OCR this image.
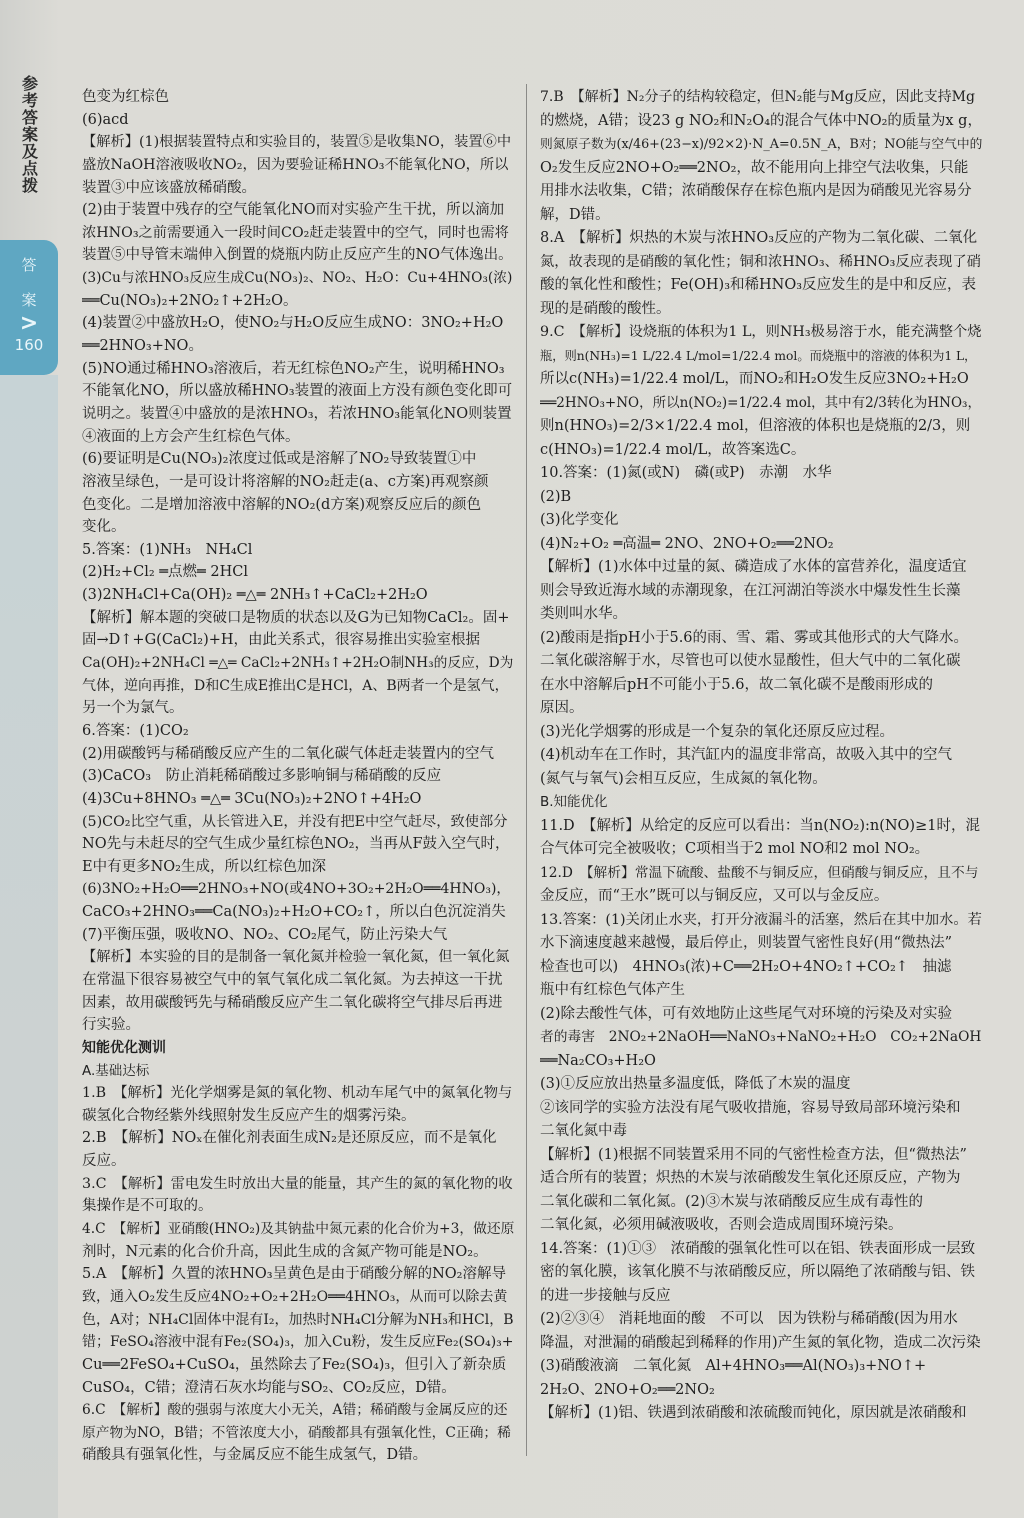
参考答案及点拨
答
案
>
160
色变为红棕色
(6)acd
【解析】(1)根据装置特点和实验目的，装置⑤是收集NO，装置⑥中
盛放NaOH溶液吸收NO₂，因为要验证稀HNO₃不能氧化NO，所以
装置③中应该盛放稀硝酸。
(2)由于装置中残存的空气能氧化NO而对实验产生干扰，所以滴加
浓HNO₃之前需要通入一段时间CO₂赶走装置中的空气，同时也需将
装置⑤中导管末端伸入倒置的烧瓶内防止反应产生的NO气体逸出。
(3)Cu与浓HNO₃反应生成Cu(NO₃)₂、NO₂、H₂O：Cu+4HNO₃(浓)
══Cu(NO₃)₂+2NO₂↑+2H₂O。
(4)装置②中盛放H₂O，使NO₂与H₂O反应生成NO：3NO₂+H₂O
══2HNO₃+NO。
(5)NO通过稀HNO₃溶液后，若无红棕色NO₂产生，说明稀HNO₃
不能氧化NO，所以盛放稀HNO₃装置的液面上方没有颜色变化即可
说明之。装置④中盛放的是浓HNO₃，若浓HNO₃能氧化NO则装置
④液面的上方会产生红棕色气体。
(6)要证明是Cu(NO₃)₂浓度过低或是溶解了NO₂导致装置①中
溶液呈绿色，一是可设计将溶解的NO₂赶走(a、c方案)再观察颜
色变化。二是增加溶液中溶解的NO₂(d方案)观察反应后的颜色
变化。
5.答案：(1)NH₃　NH₄Cl
(2)H₂+Cl₂ ═点燃═ 2HCl
(3)2NH₄Cl+Ca(OH)₂ ═△═ 2NH₃↑+CaCl₂+2H₂O
【解析】解本题的突破口是物质的状态以及G为已知物CaCl₂。固+
固→D↑+G(CaCl₂)+H，由此关系式，很容易推出实验室根据
Ca(OH)₂+2NH₄Cl ═△═ CaCl₂+2NH₃↑+2H₂O制NH₃的反应，D为
气体，逆向再推，D和C生成E推出C是HCl，A、B两者一个是氢气，
另一个为氯气。
6.答案：(1)CO₂
(2)用碳酸钙与稀硝酸反应产生的二氧化碳气体赶走装置内的空气
(3)CaCO₃　防止消耗稀硝酸过多影响铜与稀硝酸的反应
(4)3Cu+8HNO₃ ═△═ 3Cu(NO₃)₂+2NO↑+4H₂O
(5)CO₂比空气重，从长管进入E，并没有把E中空气赶尽，致使部分
NO先与未赶尽的空气生成少量红棕色NO₂，当再从F鼓入空气时，
E中有更多NO₂生成，所以红棕色加深
(6)3NO₂+H₂O══2HNO₃+NO(或4NO+3O₂+2H₂O══4HNO₃)，
CaCO₃+2HNO₃══Ca(NO₃)₂+H₂O+CO₂↑，所以白色沉淀消失
(7)平衡压强，吸收NO、NO₂、CO₂尾气，防止污染大气
【解析】本实验的目的是制备一氧化氮并检验一氧化氮，但一氧化氮
在常温下很容易被空气中的氧气氧化成二氧化氮。为去掉这一干扰
因素，故用碳酸钙先与稀硝酸反应产生二氧化碳将空气排尽后再进
行实验。
知能优化测训
A.基础达标
1.B　【解析】光化学烟雾是氮的氧化物、机动车尾气中的氮氧化物与
碳氢化合物经紫外线照射发生反应产生的烟雾污染。
2.B　【解析】NOₓ在催化剂表面生成N₂是还原反应，而不是氧化
反应。
3.C　【解析】雷电发生时放出大量的能量，其产生的氮的氧化物的收
集操作是不可取的。
4.C　【解析】亚硝酸(HNO₂)及其钠盐中氮元素的化合价为+3，做还原
剂时，N元素的化合价升高，因此生成的含氮产物可能是NO₂。
5.A　【解析】久置的浓HNO₃呈黄色是由于硝酸分解的NO₂溶解导
致，通入O₂发生反应4NO₂+O₂+2H₂O══4HNO₃，从而可以除去黄
色，A对；NH₄Cl固体中混有I₂，加热时NH₄Cl分解为NH₃和HCl，B
错；FeSO₄溶液中混有Fe₂(SO₄)₃，加入Cu粉，发生反应Fe₂(SO₄)₃+
Cu══2FeSO₄+CuSO₄，虽然除去了Fe₂(SO₄)₃，但引入了新杂质
CuSO₄，C错；澄清石灰水均能与SO₂、CO₂反应，D错。
6.C　【解析】酸的强弱与浓度大小无关，A错；稀硝酸与金属反应的还
原产物为NO，B错；不管浓度大小，硝酸都具有强氧化性，C正确；稀
硝酸具有强氧化性，与金属反应不能生成氢气，D错。
7.B　【解析】N₂分子的结构较稳定，但N₂能与Mg反应，因此支持Mg
的燃烧，A错；设23 g NO₂和N₂O₄的混合气体中NO₂的质量为x g，
则氮原子数为(x/46+(23−x)/92×2)·N_A=0.5N_A，B对；NO能与空气中的
O₂发生反应2NO+O₂══2NO₂，故不能用向上排空气法收集，只能
用排水法收集，C错；浓硝酸保存在棕色瓶内是因为硝酸见光容易分
解，D错。
8.A　【解析】炽热的木炭与浓HNO₃反应的产物为二氧化碳、二氧化
氮，故表现的是硝酸的氧化性；铜和浓HNO₃、稀HNO₃反应表现了硝
酸的氧化性和酸性；Fe(OH)₃和稀HNO₃反应发生的是中和反应，表
现的是硝酸的酸性。
9.C　【解析】设烧瓶的体积为1 L，则NH₃极易溶于水，能充满整个烧
瓶，则n(NH₃)=1 L/22.4 L/mol=1/22.4 mol。而烧瓶中的溶液的体积为1 L，
所以c(NH₃)=1/22.4 mol/L，而NO₂和H₂O发生反应3NO₂+H₂O
══2HNO₃+NO，所以n(NO₂)=1/22.4 mol，其中有2/3转化为HNO₃，
则n(HNO₃)=2/3×1/22.4 mol，但溶液的体积也是烧瓶的2/3，则
c(HNO₃)=1/22.4 mol/L，故答案选C。
10.答案：(1)氮(或N)　磷(或P)　赤潮　水华
(2)B
(3)化学变化
(4)N₂+O₂ ═高温═ 2NO、2NO+O₂══2NO₂
【解析】(1)水体中过量的氮、磷造成了水体的富营养化，温度适宜
则会导致近海水域的赤潮现象，在江河湖泊等淡水中爆发性生长藻
类则叫水华。
(2)酸雨是指pH小于5.6的雨、雪、霜、雾或其他形式的大气降水。
二氧化碳溶解于水，尽管也可以使水显酸性，但大气中的二氧化碳
在水中溶解后pH不可能小于5.6，故二氧化碳不是酸雨形成的
原因。
(3)光化学烟雾的形成是一个复杂的氧化还原反应过程。
(4)机动车在工作时，其汽缸内的温度非常高，故吸入其中的空气
(氮气与氧气)会相互反应，生成氮的氧化物。
B.知能优化
11.D　【解析】从给定的反应可以看出：当n(NO₂):n(NO)≥1时，混
合气体可完全被吸收；C项相当于2 mol NO和2 mol NO₂。
12.D　【解析】常温下硫酸、盐酸不与铜反应，但硝酸与铜反应，且不与
金反应，而“王水”既可以与铜反应，又可以与金反应。
13.答案：(1)关闭止水夹，打开分液漏斗的活塞，然后在其中加水。若
水下滴速度越来越慢，最后停止，则装置气密性良好(用“微热法”
检查也可以)　4HNO₃(浓)+C══2H₂O+4NO₂↑+CO₂↑　抽滤
瓶中有红棕色气体产生
(2)除去酸性气体，可有效地防止这些尾气对环境的污染及对实验
者的毒害　2NO₂+2NaOH══NaNO₃+NaNO₂+H₂O　CO₂+2NaOH
══Na₂CO₃+H₂O
(3)①反应放出热量多温度低，降低了木炭的温度
②该同学的实验方法没有尾气吸收措施，容易导致局部环境污染和
二氧化氮中毒
【解析】(1)根据不同装置采用不同的气密性检查方法，但“微热法”
适合所有的装置；炽热的木炭与浓硝酸发生氧化还原反应，产物为
二氧化碳和二氧化氮。(2)③木炭与浓硝酸反应生成有毒性的
二氧化氮，必须用碱液吸收，否则会造成周围环境污染。
14.答案：(1)①③　浓硝酸的强氧化性可以在铝、铁表面形成一层致
密的氧化膜，该氧化膜不与浓硝酸反应，所以隔绝了浓硝酸与铝、铁
的进一步接触与反应
(2)②③④　消耗地面的酸　不可以　因为铁粉与稀硝酸(因为用水
降温，对泄漏的硝酸起到稀释的作用)产生氮的氧化物，造成二次污染
(3)硝酸液滴　二氧化氮　Al+4HNO₃══Al(NO₃)₃+NO↑+
2H₂O、2NO+O₂══2NO₂
【解析】(1)铝、铁遇到浓硝酸和浓硫酸而钝化，原因就是浓硝酸和
